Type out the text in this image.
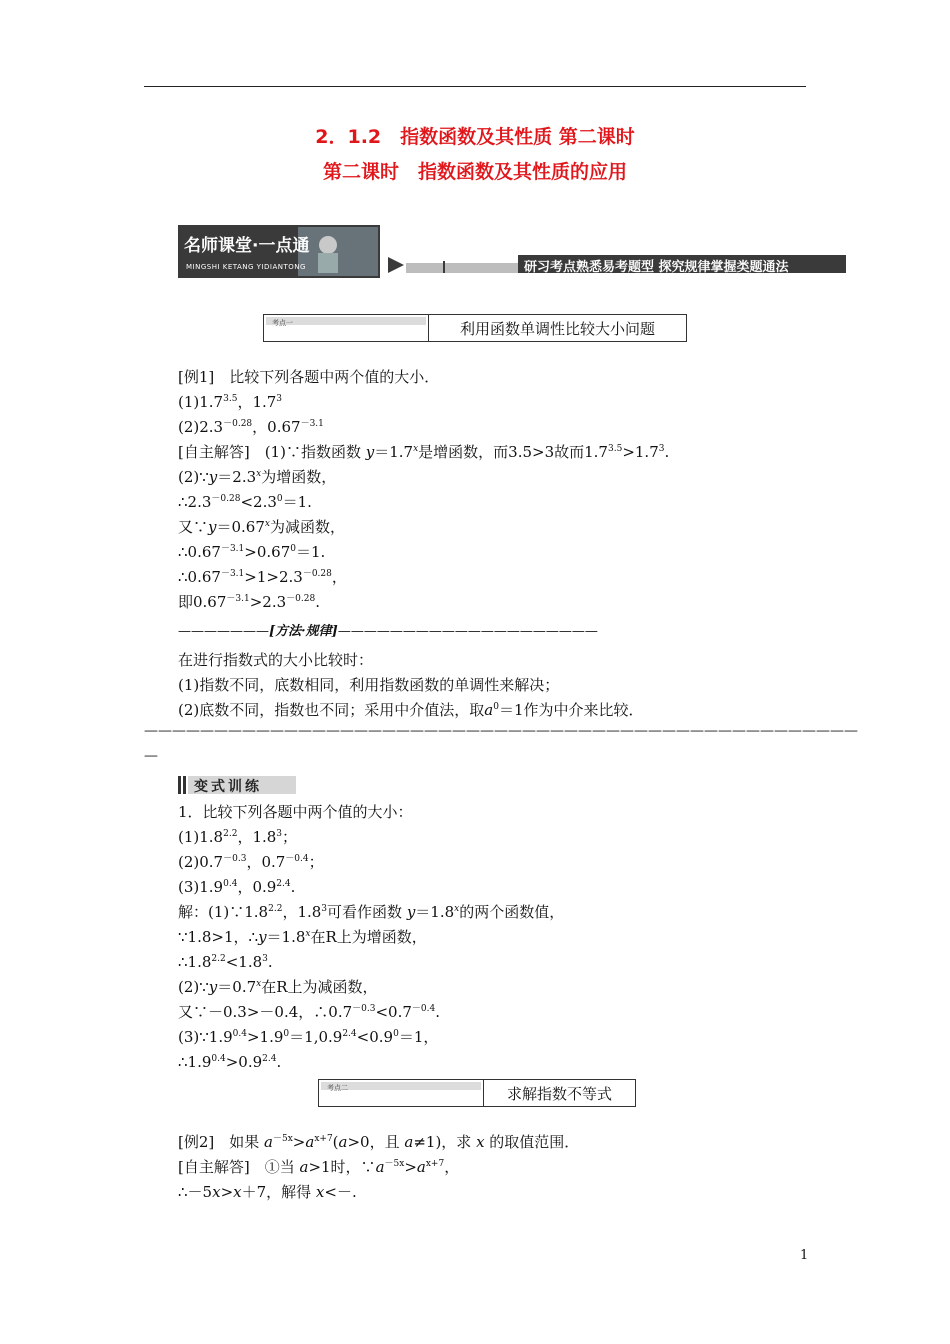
2．1.2　指数函数及其性质 第二课时
第二课时　指数函数及其性质的应用
名师课堂·一点通
MINGSHI KETANG YIDIANTONG	研习考点熟悉易考题型 探究规律掌握类题通法
考点一	利用函数单调性比较大小问题
[例1]　比较下列各题中两个值的大小．
$(1)1.7^{3.5}$，$1.7^3$
$(2)2.3^{-0.28}$，$0.67^{-3.1}$
[自主解答]　(1)∵指数函数 $y=1.7^x$是增函数，而3.5>3故而$1.7^{3.5}>1.7^3$.
$(2)\because y=2.3^x$为增函数，
$\therefore 2.3^{-0.28}<2.3^0=1$.
又$\because y=0.67^x$为减函数，
$\therefore 0.67^{-3.1}>0.67^0=1$.
$\therefore 0.67^{-3.1}>1>2.3^{-0.28}$，
即$0.67^{-3.1}>2.3^{-0.28}$.
———————[方法·规律]————————————————————
在进行指数式的大小比较时：
(1)指数不同，底数相同，利用指数函数的单调性来解决；
(2)底数不同，指数也不同；采用中介值法，取$a^0=1$作为中介来比较．
———————————————————————————————————————————————————
—
变式训练
1．比较下列各题中两个值的大小：
$(1)1.8^{2.2}$，$1.8^3$；
$(2)0.7^{-0.3}$，$0.7^{-0.4}$；
$(3)1.9^{0.4}$，$0.9^{2.4}$.
解：$(1)\because 1.8^{2.2}$，$1.8^3$可看作函数 $y=1.8^x$的两个函数值，
∵1.8>1，$\therefore y=1.8^x$在R上为增函数，
$\therefore 1.8^{2.2}<1.8^3$.
$(2)\because y=0.7^x$在R上为减函数，
又∵－0.3>－0.4，$\therefore 0.7^{-0.3}<0.7^{-0.4}$.
$(3)\because 1.9^{0.4}>1.9^0=1,0.9^{2.4}<0.9^0=1$，
$\therefore 1.9^{0.4}>0.9^{2.4}$.
考点二	求解指数不等式
[例2]　如果 $a^{-5x}>a^{x+7}(a>0$，且 a≠1)，求 x 的取值范围．
[自主解答]　①当 a>1时，$\because a^{-5x}>a^{x+7}$，
∴－5x>x＋7，解得 x<－.
1
